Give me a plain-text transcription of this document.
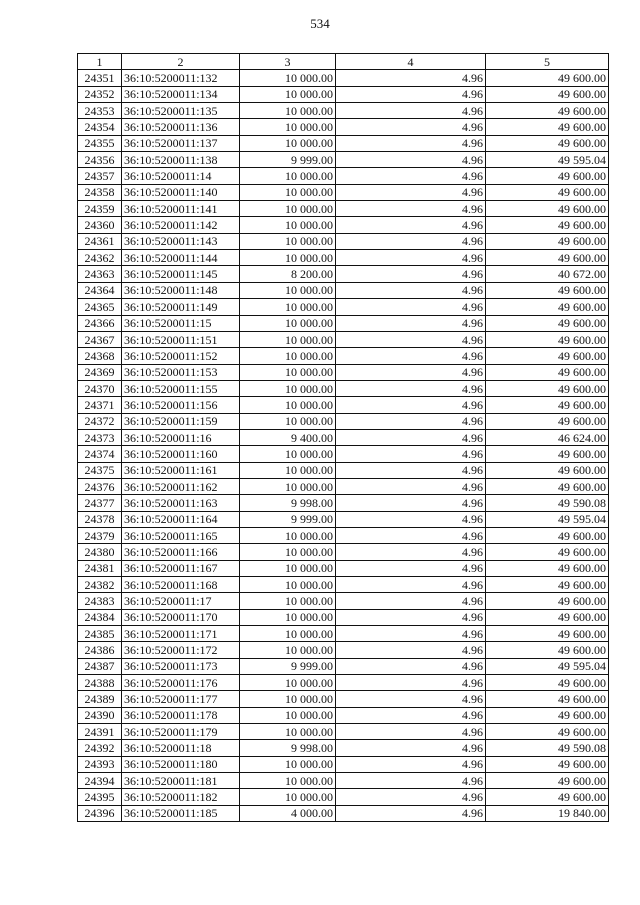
534
1	2	3	4	5
24351	36:10:5200011:132	10 000.00	4.96	49 600.00
24352	36:10:5200011:134	10 000.00	4.96	49 600.00
24353	36:10:5200011:135	10 000.00	4.96	49 600.00
24354	36:10:5200011:136	10 000.00	4.96	49 600.00
24355	36:10:5200011:137	10 000.00	4.96	49 600.00
24356	36:10:5200011:138	9 999.00	4.96	49 595.04
24357	36:10:5200011:14	10 000.00	4.96	49 600.00
24358	36:10:5200011:140	10 000.00	4.96	49 600.00
24359	36:10:5200011:141	10 000.00	4.96	49 600.00
24360	36:10:5200011:142	10 000.00	4.96	49 600.00
24361	36:10:5200011:143	10 000.00	4.96	49 600.00
24362	36:10:5200011:144	10 000.00	4.96	49 600.00
24363	36:10:5200011:145	8 200.00	4.96	40 672.00
24364	36:10:5200011:148	10 000.00	4.96	49 600.00
24365	36:10:5200011:149	10 000.00	4.96	49 600.00
24366	36:10:5200011:15	10 000.00	4.96	49 600.00
24367	36:10:5200011:151	10 000.00	4.96	49 600.00
24368	36:10:5200011:152	10 000.00	4.96	49 600.00
24369	36:10:5200011:153	10 000.00	4.96	49 600.00
24370	36:10:5200011:155	10 000.00	4.96	49 600.00
24371	36:10:5200011:156	10 000.00	4.96	49 600.00
24372	36:10:5200011:159	10 000.00	4.96	49 600.00
24373	36:10:5200011:16	9 400.00	4.96	46 624.00
24374	36:10:5200011:160	10 000.00	4.96	49 600.00
24375	36:10:5200011:161	10 000.00	4.96	49 600.00
24376	36:10:5200011:162	10 000.00	4.96	49 600.00
24377	36:10:5200011:163	9 998.00	4.96	49 590.08
24378	36:10:5200011:164	9 999.00	4.96	49 595.04
24379	36:10:5200011:165	10 000.00	4.96	49 600.00
24380	36:10:5200011:166	10 000.00	4.96	49 600.00
24381	36:10:5200011:167	10 000.00	4.96	49 600.00
24382	36:10:5200011:168	10 000.00	4.96	49 600.00
24383	36:10:5200011:17	10 000.00	4.96	49 600.00
24384	36:10:5200011:170	10 000.00	4.96	49 600.00
24385	36:10:5200011:171	10 000.00	4.96	49 600.00
24386	36:10:5200011:172	10 000.00	4.96	49 600.00
24387	36:10:5200011:173	9 999.00	4.96	49 595.04
24388	36:10:5200011:176	10 000.00	4.96	49 600.00
24389	36:10:5200011:177	10 000.00	4.96	49 600.00
24390	36:10:5200011:178	10 000.00	4.96	49 600.00
24391	36:10:5200011:179	10 000.00	4.96	49 600.00
24392	36:10:5200011:18	9 998.00	4.96	49 590.08
24393	36:10:5200011:180	10 000.00	4.96	49 600.00
24394	36:10:5200011:181	10 000.00	4.96	49 600.00
24395	36:10:5200011:182	10 000.00	4.96	49 600.00
24396	36:10:5200011:185	4 000.00	4.96	19 840.00
